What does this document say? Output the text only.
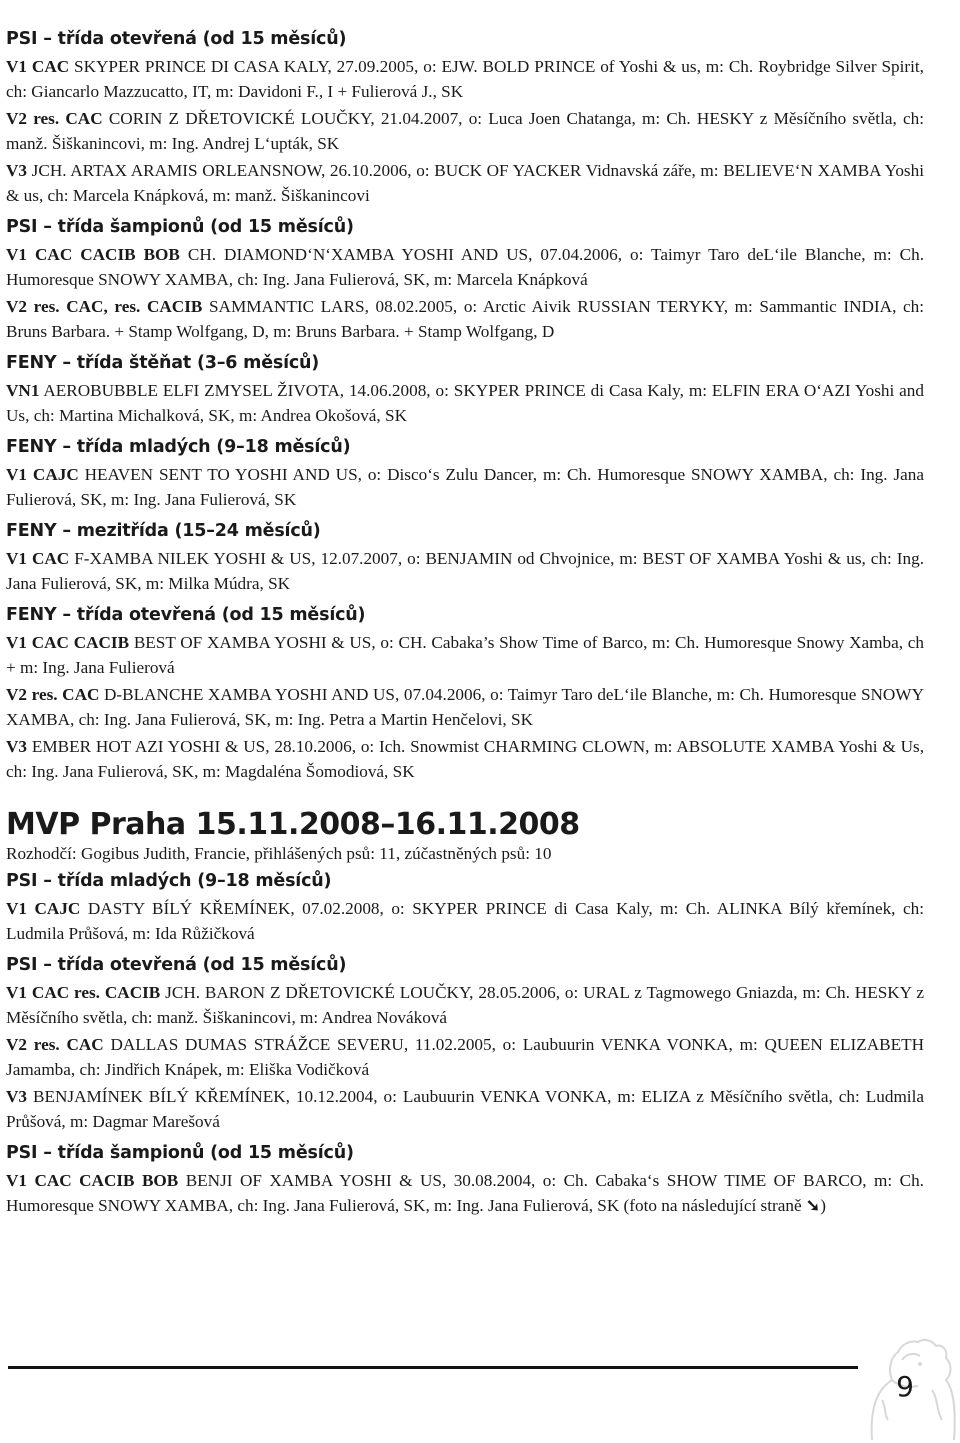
PSI – třída otevřená (od 15 měsíců)
V1 CAC SKYPER PRINCE DI CASA KALY, 27.09.2005, o: EJW. BOLD PRINCE of Yoshi & us, m: Ch. Roybridge Silver Spirit, ch: Giancarlo Mazzucatto, IT, m: Davidoni F., I + Fulierová J., SK
V2 res. CAC CORIN Z DŘETOVICKÉ LOUČKY, 21.04.2007, o: Luca Joen Chatanga, m: Ch. HESKY z Měsíčního světla, ch: manž. Šiškanincovi, m: Ing. Andrej Lʻupták, SK
V3 JCH. ARTAX ARAMIS ORLEANSNOW, 26.10.2006, o: BUCK OF YACKER Vidnavská záře, m: BELIEVEʻN XAMBA Yoshi & us, ch: Marcela Knápková, m: manž. Šiškanincovi
PSI – třída šampionů (od 15 měsíců)
V1 CAC CACIB BOB CH. DIAMONDʻNʻXAMBA YOSHI AND US, 07.04.2006, o: Taimyr Taro deLʻile Blanche, m: Ch. Humoresque SNOWY XAMBA, ch: Ing. Jana Fulierová, SK, m: Marcela Knápková
V2 res. CAC, res. CACIB SAMMANTIC LARS, 08.02.2005, o: Arctic Aivik RUSSIAN TERYKY, m: Sammantic INDIA, ch: Bruns Barbara. + Stamp Wolfgang, D, m: Bruns Barbara. + Stamp Wolfgang, D
FENY – třída štěňat (3–6 měsíců)
VN1 AEROBUBBLE ELFI ZMYSEL ŽIVOTA, 14.06.2008, o: SKYPER PRINCE di Casa Kaly, m: ELFIN ERA OʻAZI Yoshi and Us, ch: Martina Michalková, SK, m: Andrea Okošová, SK
FENY – třída mladých (9–18 měsíců)
V1 CAJC HEAVEN SENT TO YOSHI AND US, o: Discoʻs Zulu Dancer, m: Ch. Humoresque SNOWY XAMBA, ch: Ing. Jana Fulierová, SK, m: Ing. Jana Fulierová, SK
FENY – mezitřída (15–24 měsíců)
V1 CAC F-XAMBA NILEK YOSHI & US, 12.07.2007, o: BENJAMIN od Chvojnice, m: BEST OF XAMBA Yoshi & us, ch: Ing. Jana Fulierová, SK, m: Milka Múdra, SK
FENY – třída otevřená (od 15 měsíců)
V1 CAC CACIB BEST OF XAMBA YOSHI & US, o: CH. Cabaka’s Show Time of Barco, m: Ch. Humoresque Snowy Xamba, ch + m: Ing. Jana Fulierová
V2 res. CAC D-BLANCHE XAMBA YOSHI AND US, 07.04.2006, o: Taimyr Taro deLʻile Blanche, m: Ch. Humoresque SNOWY XAMBA, ch: Ing. Jana Fulierová, SK, m: Ing. Petra a Martin Henčelovi, SK
V3 EMBER HOT AZI YOSHI & US, 28.10.2006, o: Ich. Snowmist CHARMING CLOWN, m: ABSOLUTE XAMBA Yoshi & Us, ch: Ing. Jana Fulierová, SK, m: Magdaléna Šomodiová, SK
MVP Praha 15.11.2008–16.11.2008
Rozhodčí: Gogibus Judith, Francie, přihlášených psů: 11, zúčastněných psů: 10
PSI – třída mladých (9–18 měsíců)
V1 CAJC DASTY BÍLÝ KŘEMÍNEK, 07.02.2008, o: SKYPER PRINCE di Casa Kaly, m: Ch. ALINKA Bílý křemínek, ch: Ludmila Průšová, m: Ida Růžičková
PSI – třída otevřená (od 15 měsíců)
V1 CAC res. CACIB JCH. BARON Z DŘETOVICKÉ LOUČKY, 28.05.2006, o: URAL z Tagmowego Gniazda, m: Ch. HESKY z Měsíčního světla, ch: manž. Šiškanincovi, m: Andrea Nováková
V2 res. CAC DALLAS DUMAS STRÁŽCE SEVERU, 11.02.2005, o: Laubuurin VENKA VONKA, m: QUEEN ELIZABETH Jamamba, ch: Jindřich Knápek, m: Eliška Vodičková
V3 BENJAMÍNEK BÍLÝ KŘEMÍNEK, 10.12.2004, o: Laubuurin VENKA VONKA, m: ELIZA z Měsíčního světla, ch: Ludmila Průšová, m: Dagmar Marešová
PSI – třída šampionů (od 15 měsíců)
V1 CAC CACIB BOB BENJI OF XAMBA YOSHI & US, 30.08.2004, o: Ch. Cabakaʻs SHOW TIME OF BARCO, m: Ch. Humoresque SNOWY XAMBA, ch: Ing. Jana Fulierová, SK, m: Ing. Jana Fulierová, SK (foto na následující straně ➘)
9
